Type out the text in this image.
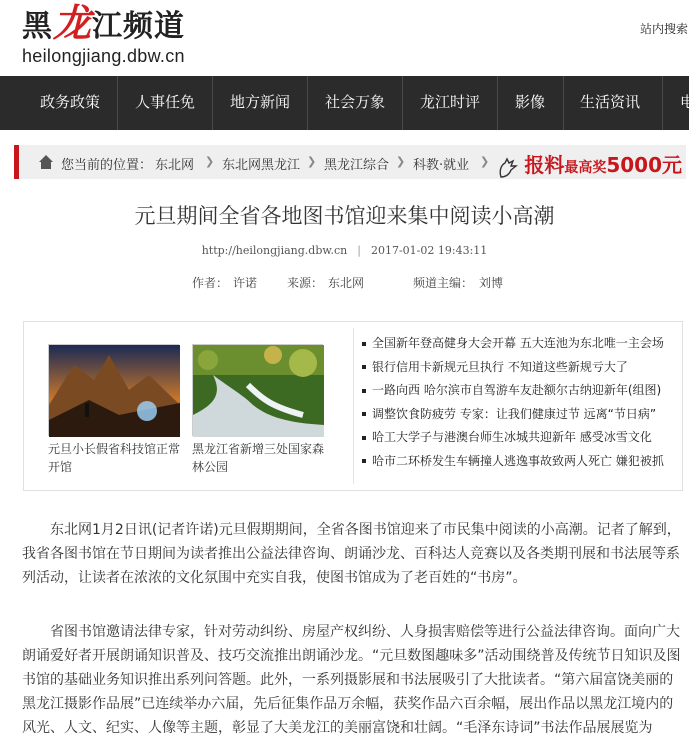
黑龙江频道
heilongjiang.dbw.cn
站内搜索
政务政策 人事任免 地方新闻 社会万象 龙江时评 影像 生活资讯	电
您当前的位置： 东北网 ❯ 东北网黑龙江 ❯ 黑龙江综合 ❯ 科教·就业 ❯	报料最高奖5000元
元旦期间全省各地图书馆迎来集中阅读小高潮
http://heilongjiang.dbw.cn | 2017-01-02 19:43:11
作者： 许诺 来源： 东北网	频道主编： 刘博
元旦小长假省科技馆正常开馆
黑龙江省新增三处国家森林公园
全国新年登高健身大会开幕 五大连池为东北唯一主会场
银行信用卡新规元旦执行 不知道这些新规亏大了
一路向西 哈尔滨市自驾游车友赴额尔古纳迎新年(组图)
调整饮食防疲劳 专家：让我们健康过节 远离“节日病”
哈工大学子与港澳台师生冰城共迎新年 感受冰雪文化
哈市二环桥发生车辆撞人逃逸事故致两人死亡 嫌犯被抓

东北网1月2日讯(记者许诺)元旦假期期间，全省各图书馆迎来了市民集中阅读的小高潮。记者了解到，我省各图书馆在节日期间为读者推出公益法律咨询、朗诵沙龙、百科达人竞赛以及各类期刊展和书法展等系列活动，让读者在浓浓的文化氛围中充实自我，使图书馆成为了老百姓的“书房”。

省图书馆邀请法律专家，针对劳动纠纷、房屋产权纠纷、人身损害赔偿等进行公益法律咨询。面向广大朗诵爱好者开展朗诵知识普及、技巧交流推出朗诵沙龙。“元旦数图趣味多”活动围绕普及传统节日知识及图书馆的基础业务知识推出系列问答题。此外，一系列摄影展和书法展吸引了大批读者。“第六届富饶美丽的黑龙江摄影作品展”已连续举办六届，先后征集作品万余幅，获奖作品六百余幅，展出作品以黑龙江境内的风光、人文、纪实、人像等主题，彰显了大美龙江的美丽富饶和壮阔。“毛泽东诗词”书法作品展展览为
